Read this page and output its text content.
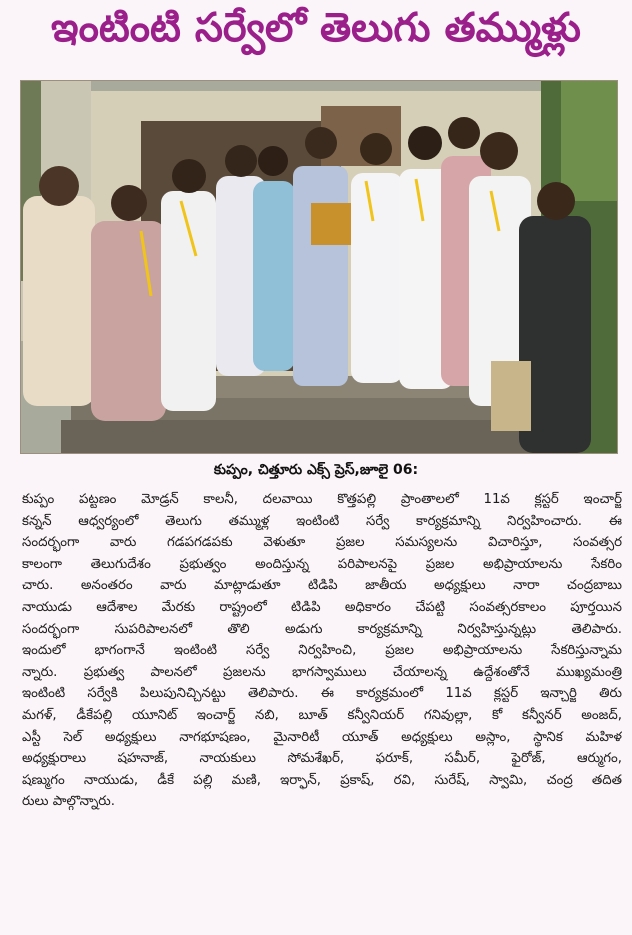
ఇంటింటి సర్వేలో తెలుగు తమ్ముళ్లు
కుప్పం, చిత్తూరు ఎక్స్ ప్రెస్,జూలై 06:
కుప్పం పట్టణం మోడ్రన్ కాలనీ, దలవాయి కొత్తపల్లి ప్రాంతాలలో 11వ క్లస్టర్ ఇంచార్జ్
కన్నన్ ఆధ్వర్యంలో తెలుగు తమ్ముళ్ల ఇంటింటి సర్వే కార్యక్రమాన్ని నిర్వహించారు. ఈ
సందర్భంగా వారు గడపగడపకు వెళుతూ ప్రజల సమస్యలను విచారిస్తూ, సంవత్సర
కాలంగా తెలుగుదేశం ప్రభుత్వం అందిస్తున్న పరిపాలనపై ప్రజల అభిప్రాయాలను సేకరిం
చారు. అనంతరం వారు మాట్లాడుతూ టిడిపి జాతీయ అధ్యక్షులు నారా చంద్రబాబు
నాయుడు ఆదేశాల మేరకు రాష్ట్రంలో టిడిపి అధికారం చేపట్టి సంవత్సరకాలం పూర్తయిన
సందర్భంగా సుపరిపాలనలో తొలి అడుగు కార్యక్రమాన్ని నిర్వహిస్తున్నట్లు తెలిపారు.
ఇందులో భాగంగానే ఇంటింటి సర్వే నిర్వహించి, ప్రజల అభిప్రాయాలను సేకరిస్తున్నామ
న్నారు. ప్రభుత్వ పాలనలో ప్రజలను భాగస్వాములు చేయాలన్న ఉద్దేశంతోనే ముఖ్యమంత్రి
ఇంటింటి సర్వేకి పిలుపునిచ్చినట్టు తెలిపారు. ఈ కార్యక్రమంలో 11వ క్లస్టర్ ఇన్చార్జి తిరు
మగళ్, డీకేపల్లి యూనిట్ ఇంచార్జ్ నబి, బూత్ కన్వీనియర్ గనివుల్లా, కో కన్వీనర్ అంజద్,
ఎస్టీ సెల్ అధ్యక్షులు నాగభూషణం, మైనారిటీ యూత్ అధ్యక్షులు అస్లాం, స్థానిక మహిళ
అధ్యక్షురాలు షహనాజ్, నాయకులు సోమశేఖర్, ఫరూక్, సమీర్, ఫైరోజ్, ఆర్ముగం,
షణ్ముగం నాయుడు, డీకే పల్లి మణి, ఇర్ఫాన్, ప్రకాష్, రవి, సురేష్, స్వామి, చంద్ర తదిత
రులు పాల్గొన్నారు.
